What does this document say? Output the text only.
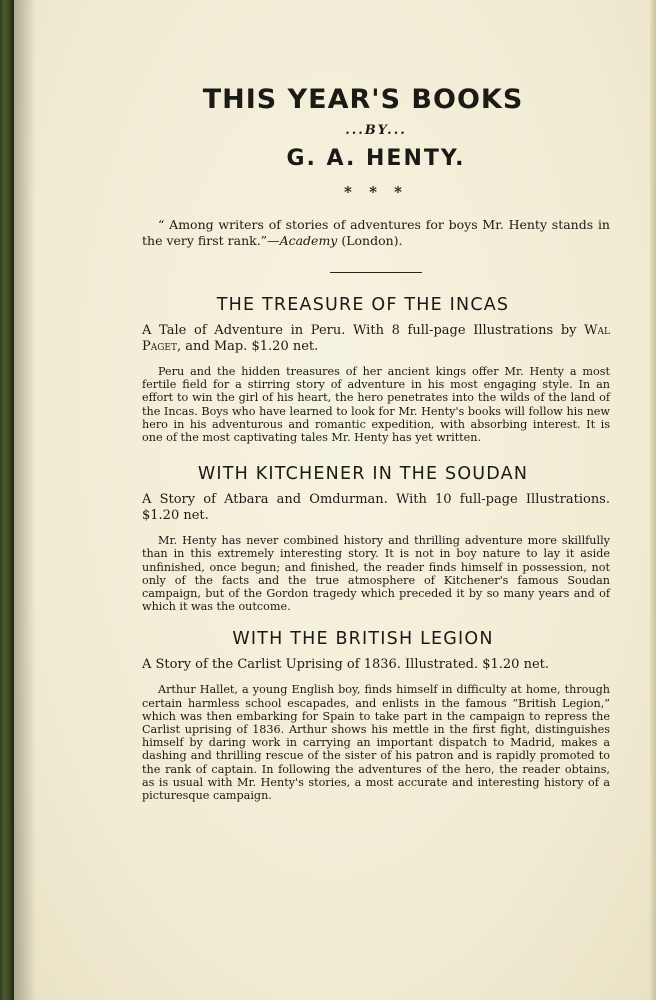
THIS YEAR'S BOOKS
...BY...
G. A. HENTY.
* * *

“ Among writers of stories of adventures for boys Mr. Henty stands in the very first rank.”—Academy (London).

THE TREASURE OF THE INCAS

A Tale of Adventure in Peru. With 8 full-page Illustrations by Wal Paget, and Map. $1.20 net.

Peru and the hidden treasures of her ancient kings offer Mr. Henty a most fertile field for a stirring story of adventure in his most engaging style. In an effort to win the girl of his heart, the hero penetrates into the wilds of the land of the Incas. Boys who have learned to look for Mr. Henty's books will follow his new hero in his adventurous and romantic expedition, with absorbing interest. It is one of the most captivating tales Mr. Henty has yet written.

WITH KITCHENER IN THE SOUDAN

A Story of Atbara and Omdurman. With 10 full-page Illustrations. $1.20 net.

Mr. Henty has never combined history and thrilling adventure more skillfully than in this extremely interesting story. It is not in boy nature to lay it aside unfinished, once begun; and finished, the reader finds himself in possession, not only of the facts and the true atmosphere of Kitchener's famous Soudan campaign, but of the Gordon tragedy which preceded it by so many years and of which it was the outcome.

WITH THE BRITISH LEGION

A Story of the Carlist Uprising of 1836. Illustrated. $1.20 net.

Arthur Hallet, a young English boy, finds himself in difficulty at home, through certain harmless school escapades, and enlists in the famous “British Legion,” which was then embarking for Spain to take part in the campaign to repress the Carlist uprising of 1836. Arthur shows his mettle in the first fight, distinguishes himself by daring work in carrying an important dispatch to Madrid, makes a dashing and thrilling rescue of the sister of his patron and is rapidly promoted to the rank of captain. In following the adventures of the hero, the reader obtains, as is usual with Mr. Henty's stories, a most accurate and interesting history of a picturesque campaign.
